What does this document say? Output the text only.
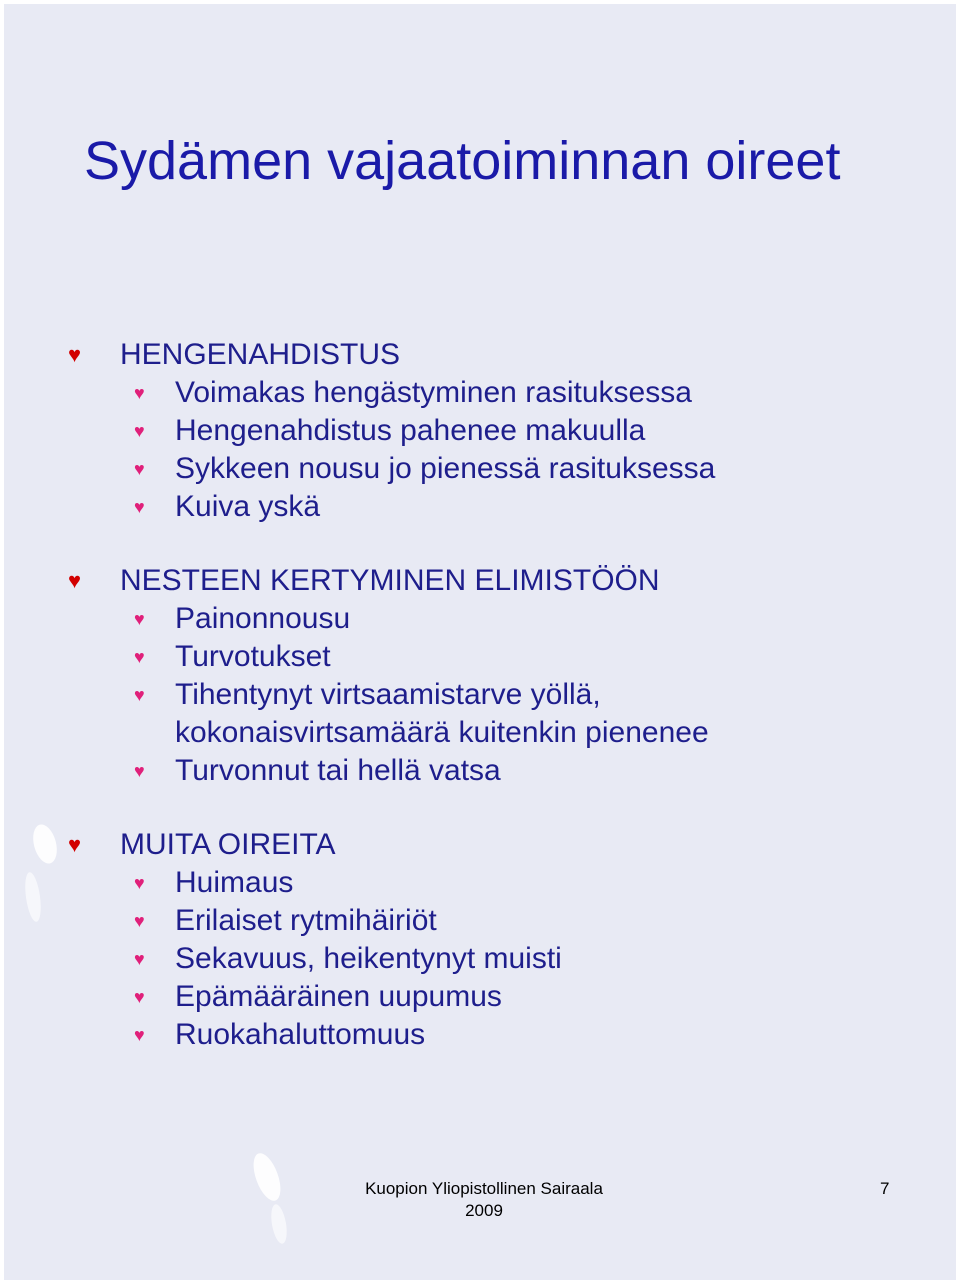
Sydämen vajaatoiminnan oireet
♥ HENGENAHDISTUS
♥ Voimakas hengästyminen rasituksessa
♥ Hengenahdistus pahenee makuulla
♥ Sykkeen nousu jo pienessä rasituksessa
♥ Kuiva yskä
♥ NESTEEN KERTYMINEN ELIMISTÖÖN
♥ Painonnousu
♥ Turvotukset
♥ Tihentynyt virtsaamistarve yöllä, kokonaisvirtsamäärä kuitenkin pienenee
♥ Turvonnut tai hellä vatsa
♥ MUITA OIREITA
♥ Huimaus
♥ Erilaiset rytmihäiriöt
♥ Sekavuus, heikentynyt muisti
♥ Epämääräinen uupumus
♥ Ruokahaluttomuus
Kuopion Yliopistollinen Sairaala
2009
7
